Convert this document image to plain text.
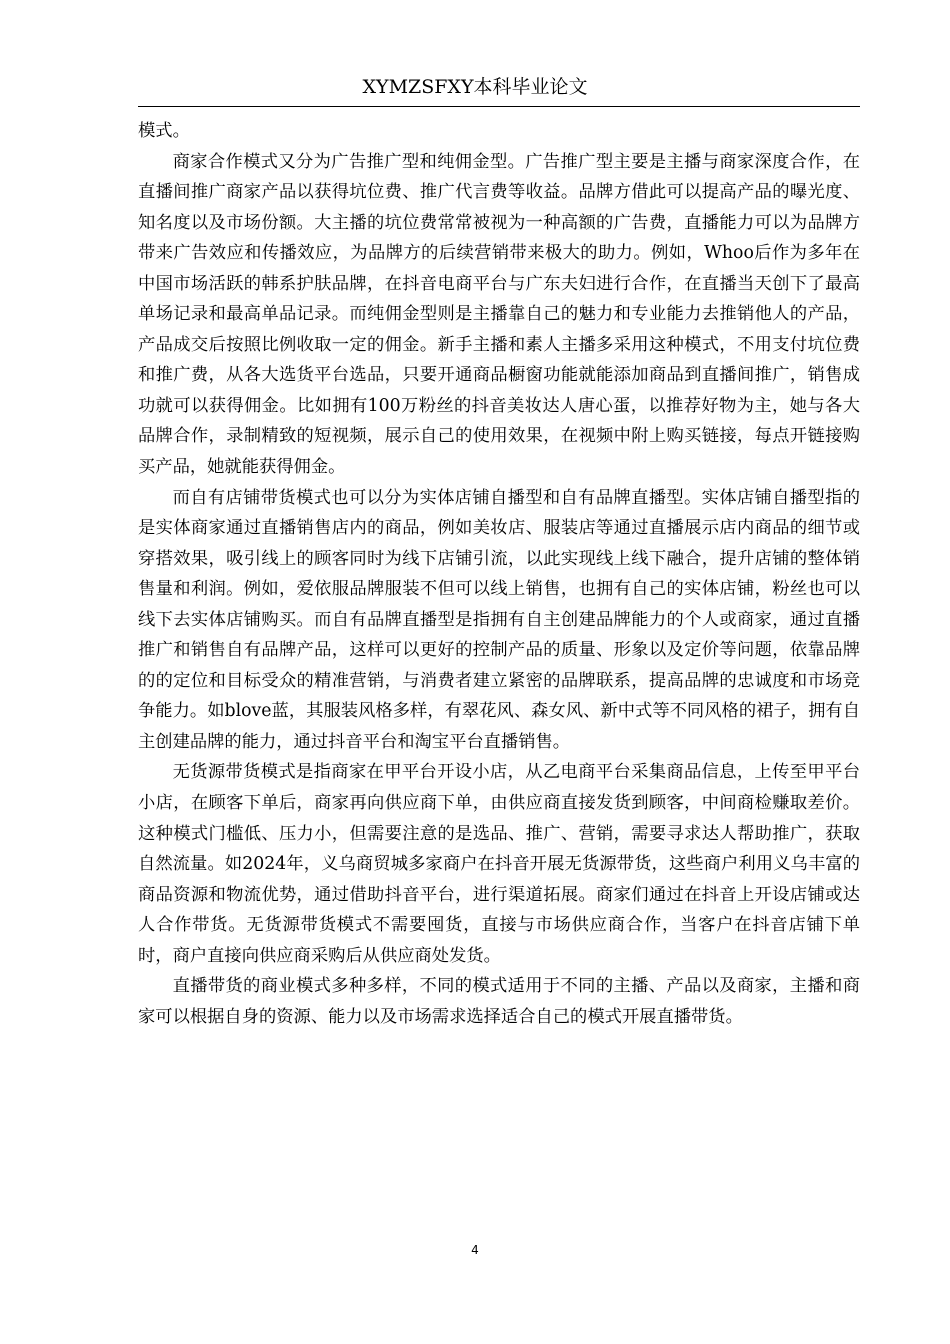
XYMZSFXY本科毕业论文

模式。

商家合作模式又分为广告推广型和纯佣金型。广告推广型主要是主播与商家深度合作，在直播间推广商家产品以获得坑位费、推广代言费等收益。品牌方借此可以提高产品的曝光度、知名度以及市场份额。大主播的坑位费常常被视为一种高额的广告费，直播能力可以为品牌方带来广告效应和传播效应，为品牌方的后续营销带来极大的助力。例如，Whoo后作为多年在中国市场活跃的韩系护肤品牌，在抖音电商平台与广东夫妇进行合作，在直播当天创下了最高单场记录和最高单品记录。而纯佣金型则是主播靠自己的魅力和专业能力去推销他人的产品，产品成交后按照比例收取一定的佣金。新手主播和素人主播多采用这种模式，不用支付坑位费和推广费，从各大选货平台选品，只要开通商品橱窗功能就能添加商品到直播间推广，销售成功就可以获得佣金。比如拥有100万粉丝的抖音美妆达人唐心蛋，以推荐好物为主，她与各大品牌合作，录制精致的短视频，展示自己的使用效果，在视频中附上购买链接，每点开链接购买产品，她就能获得佣金。

而自有店铺带货模式也可以分为实体店铺自播型和自有品牌直播型。实体店铺自播型指的是实体商家通过直播销售店内的商品，例如美妆店、服装店等通过直播展示店内商品的细节或穿搭效果，吸引线上的顾客同时为线下店铺引流，以此实现线上线下融合，提升店铺的整体销售量和利润。例如，爱依服品牌服装不但可以线上销售，也拥有自己的实体店铺，粉丝也可以线下去实体店铺购买。而自有品牌直播型是指拥有自主创建品牌能力的个人或商家，通过直播推广和销售自有品牌产品，这样可以更好的控制产品的质量、形象以及定价等问题，依靠品牌的的定位和目标受众的精准营销，与消费者建立紧密的品牌联系，提高品牌的忠诚度和市场竞争能力。如blove蓝，其服装风格多样，有翠花风、森女风、新中式等不同风格的裙子，拥有自主创建品牌的能力，通过抖音平台和淘宝平台直播销售。

无货源带货模式是指商家在甲平台开设小店，从乙电商平台采集商品信息，上传至甲平台小店，在顾客下单后，商家再向供应商下单，由供应商直接发货到顾客，中间商检赚取差价。这种模式门槛低、压力小，但需要注意的是选品、推广、营销，需要寻求达人帮助推广，获取自然流量。如2024年，义乌商贸城多家商户在抖音开展无货源带货，这些商户利用义乌丰富的商品资源和物流优势，通过借助抖音平台，进行渠道拓展。商家们通过在抖音上开设店铺或达人合作带货。无货源带货模式不需要囤货，直接与市场供应商合作，当客户在抖音店铺下单时，商户直接向供应商采购后从供应商处发货。

直播带货的商业模式多种多样，不同的模式适用于不同的主播、产品以及商家，主播和商家可以根据自身的资源、能力以及市场需求选择适合自己的模式开展直播带货。

4
